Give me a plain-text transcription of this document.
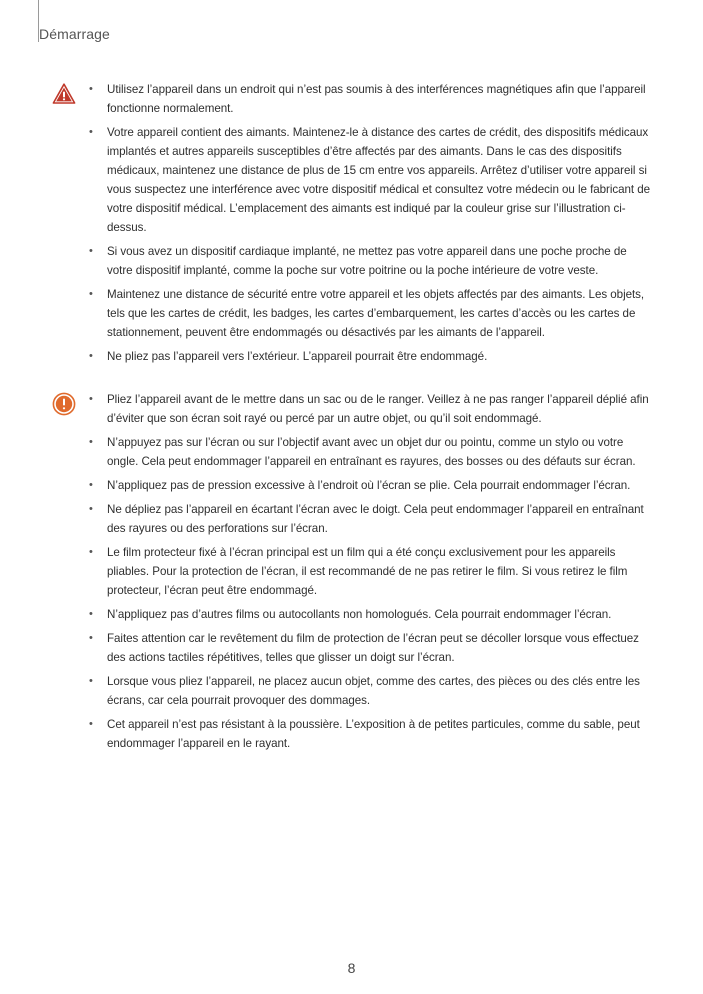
Démarrage
• Utilisez l’appareil dans un endroit qui n’est pas soumis à des interférences magnétiques afin que l’appareil fonctionne normalement.
• Votre appareil contient des aimants. Maintenez-le à distance des cartes de crédit, des dispositifs médicaux implantés et autres appareils susceptibles d’être affectés par des aimants. Dans le cas des dispositifs médicaux, maintenez une distance de plus de 15 cm entre vos appareils. Arrêtez d’utiliser votre appareil si vous suspectez une interférence avec votre dispositif médical et consultez votre médecin ou le fabricant de votre dispositif médical. L’emplacement des aimants est indiqué par la couleur grise sur l’illustration ci-dessus.
• Si vous avez un dispositif cardiaque implanté, ne mettez pas votre appareil dans une poche proche de votre dispositif implanté, comme la poche sur votre poitrine ou la poche intérieure de votre veste.
• Maintenez une distance de sécurité entre votre appareil et les objets affectés par des aimants. Les objets, tels que les cartes de crédit, les badges, les cartes d’embarquement, les cartes d’accès ou les cartes de stationnement, peuvent être endommagés ou désactivés par les aimants de l’appareil.
• Ne pliez pas l’appareil vers l’extérieur. L’appareil pourrait être endommagé.
• Pliez l’appareil avant de le mettre dans un sac ou de le ranger. Veillez à ne pas ranger l’appareil déplié afin d’éviter que son écran soit rayé ou percé par un autre objet, ou qu’il soit endommagé.
• N’appuyez pas sur l’écran ou sur l’objectif avant avec un objet dur ou pointu, comme un stylo ou votre ongle. Cela peut endommager l’appareil en entraînant es rayures, des bosses ou des défauts sur écran.
• N’appliquez pas de pression excessive à l’endroit où l’écran se plie. Cela pourrait endommager l’écran.
• Ne dépliez pas l’appareil en écartant l’écran avec le doigt. Cela peut endommager l’appareil en entraînant des rayures ou des perforations sur l’écran.
• Le film protecteur fixé à l’écran principal est un film qui a été conçu exclusivement pour les appareils pliables. Pour la protection de l’écran, il est recommandé de ne pas retirer le film. Si vous retirez le film protecteur, l’écran peut être endommagé.
• N’appliquez pas d’autres films ou autocollants non homologués. Cela pourrait endommager l’écran.
• Faites attention car le revêtement du film de protection de l’écran peut se décoller lorsque vous effectuez des actions tactiles répétitives, telles que glisser un doigt sur l’écran.
• Lorsque vous pliez l’appareil, ne placez aucun objet, comme des cartes, des pièces ou des clés entre les écrans, car cela pourrait provoquer des dommages.
• Cet appareil n’est pas résistant à la poussière. L’exposition à de petites particules, comme du sable, peut endommager l’appareil en le rayant.
8
